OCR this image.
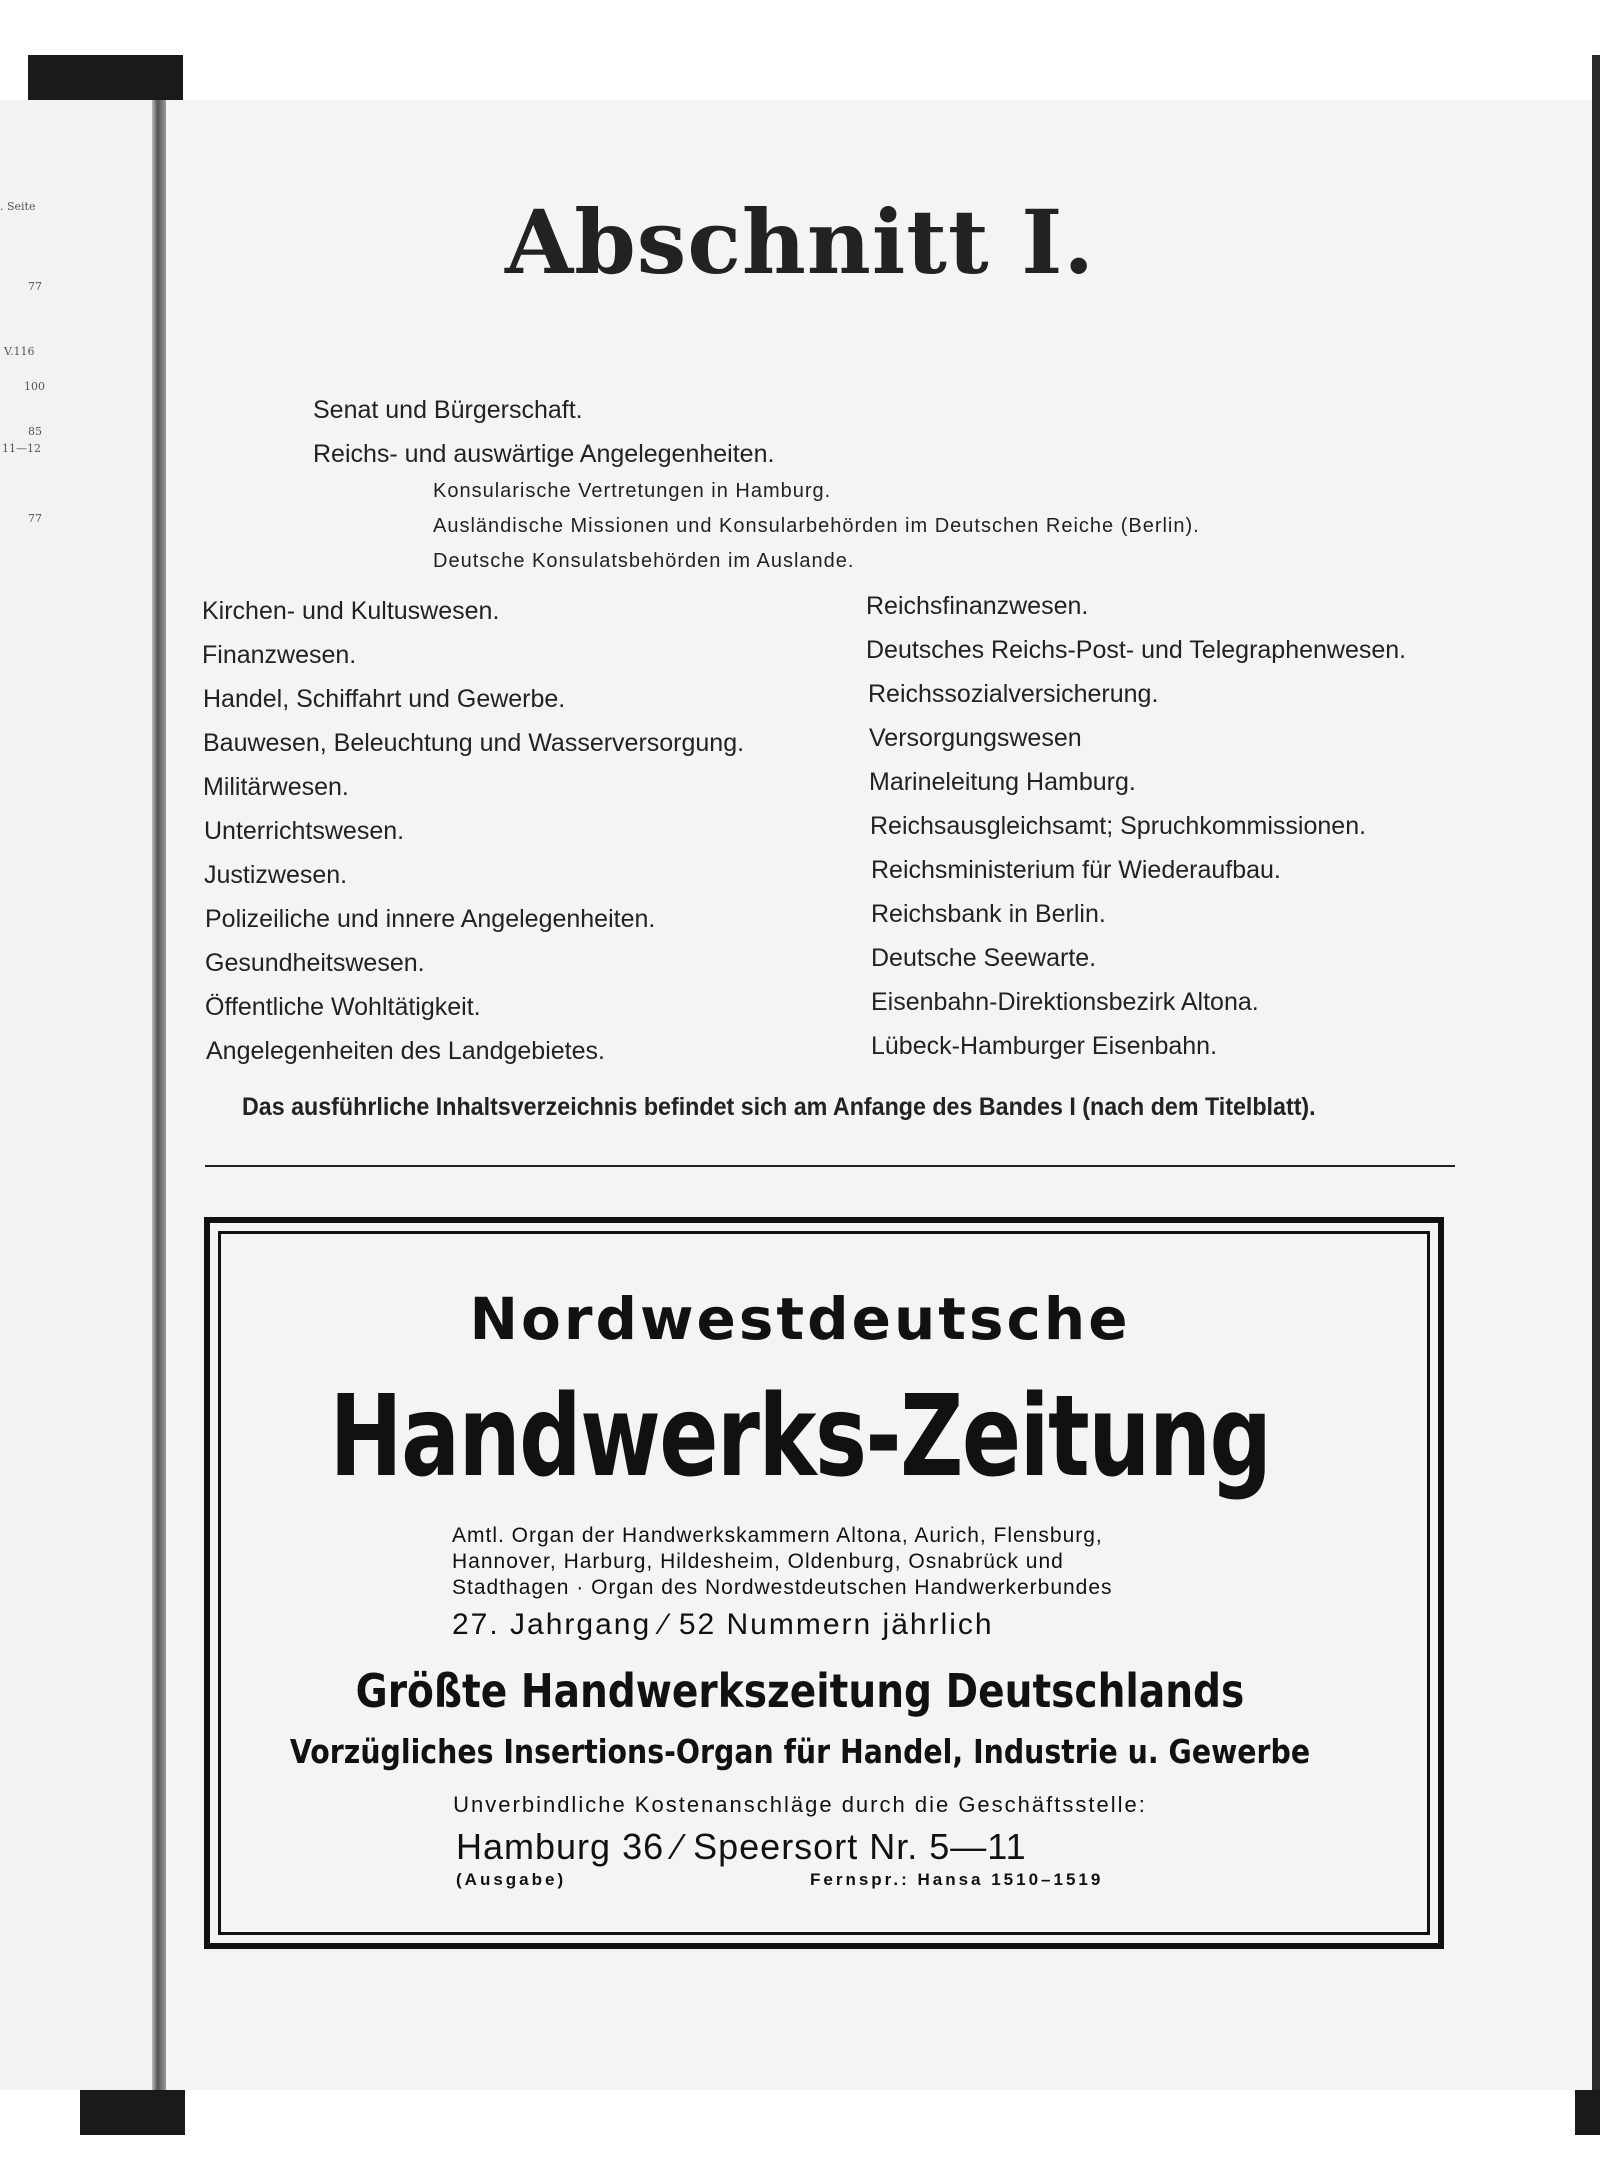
. Seite
77
V.116
100
85
11—12
77
Abschnitt I.
Senat und Bürgerschaft.
Reichs- und auswärtige Angelegenheiten.
Konsularische Vertretungen in Hamburg.
Ausländische Missionen und Konsularbehörden im Deutschen Reiche (Berlin).
Deutsche Konsulatsbehörden im Auslande.
Kirchen- und Kultuswesen.
Finanzwesen.
Handel, Schiffahrt und Gewerbe.
Bauwesen, Beleuchtung und Wasserversorgung.
Militärwesen.
Unterrichtswesen.
Justizwesen.
Polizeiliche und innere Angelegenheiten.
Gesundheitswesen.
Öffentliche Wohltätigkeit.
Angelegenheiten des Landgebietes.
Reichsfinanzwesen.
Deutsches Reichs-Post- und Telegraphenwesen.
Reichssozialversicherung.
Versorgungswesen
Marineleitung Hamburg.
Reichsausgleichsamt; Spruchkommissionen.
Reichsministerium für Wiederaufbau.
Reichsbank in Berlin.
Deutsche Seewarte.
Eisenbahn-Direktionsbezirk Altona.
Lübeck-Hamburger Eisenbahn.
Das ausführliche Inhaltsverzeichnis befindet sich am Anfange des Bandes I (nach dem Titelblatt).
Nordwestdeutsche
Handwerks-Zeitung
Amtl. Organ der Handwerkskammern Altona, Aurich, Flensburg,
Hannover, Harburg, Hildesheim, Oldenburg, Osnabrück und
Stadthagen · Organ des Nordwestdeutschen Handwerkerbundes
27. Jahrgang ⁄ 52 Nummern jährlich
Größte Handwerkszeitung Deutschlands
Vorzügliches Insertions-Organ für Handel, Industrie u. Gewerbe
Unverbindliche Kostenanschläge durch die Geschäftsstelle:
Hamburg 36 ⁄ Speersort Nr. 5—11
(Ausgabe)	Fernspr.: Hansa 1510–1519
